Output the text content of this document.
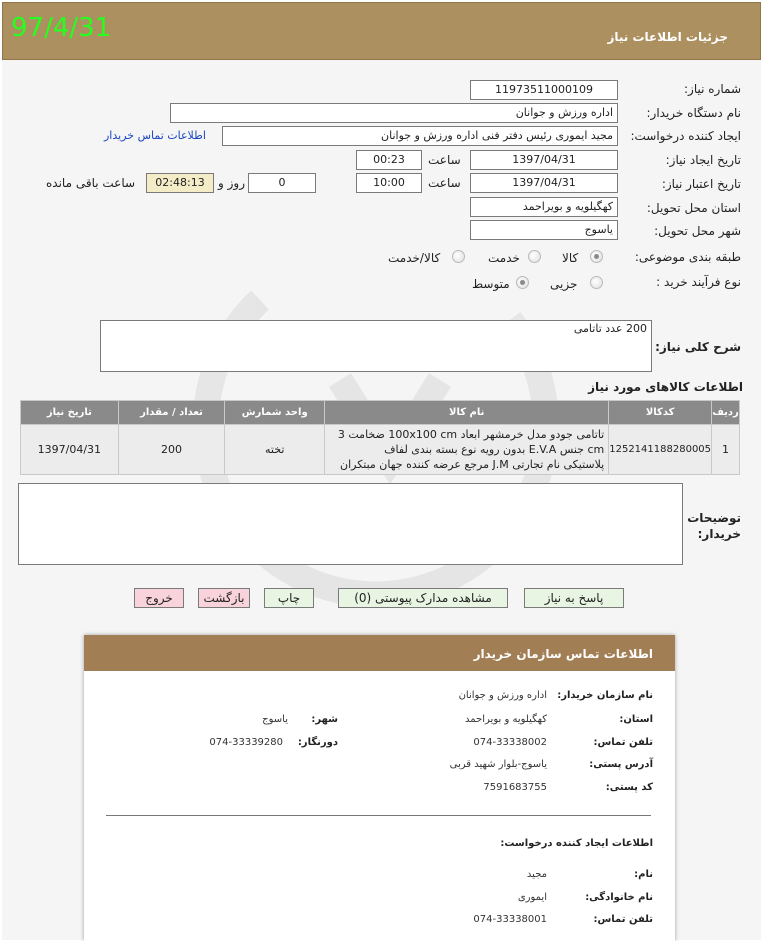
97/4/31	جزئیات اطلاعات نیاز
شماره نیاز:
11973511000109
نام دستگاه خریدار:
اداره ورزش و جوانان
ایجاد کننده درخواست:
مجید ایموری رئیس دفتر فنی اداره ورزش و جوانان
اطلاعات تماس خریدار
تاریخ ایجاد نیاز:
1397/04/31
ساعت
00:23
تاریخ اعتبار نیاز:
1397/04/31
ساعت
10:00
0
روز و
02:48:13
ساعت باقی مانده
استان محل تحویل:
کهگیلویه و بویراحمد
شهر محل تحویل:
یاسوج
طبقه بندی موضوعی:
کالا
خدمت
کالا/خدمت
نوع فرآیند خرید :
جزیی
متوسط
200 عدد تاتامی
شرح کلی نیاز:
اطلاعات کالاهای مورد نیاز
ردیف	کدکالا	نام کالا	واحد شمارش	تعداد / مقدار	تاریخ نیاز
1	1252141188280005	تاتامی جودو مدل خرمشهر ابعاد 100x100 cm ضخامت 3
cm جنس E.V.A بدون رویه نوع بسته بندی لفاف
پلاستیکی نام تجارتی J.M مرجع عرضه کننده جهان مبتکران	تخته	200	1397/04/31
توضیحات
خریدار:
پاسخ به نیاز
مشاهده مدارک پیوستی (0)
چاپ
بازگشت
خروج
اطلاعات تماس سازمان خریدار
نام سازمان خریدار:
اداره ورزش و جوانان
استان:
کهگیلویه و بویراحمد
شهر:
یاسوج
تلفن تماس:
074-33338002
دورنگار:
074-33339280
آدرس پستی:
یاسوج-بلوار شهید قربی
کد پستی:
7591683755
اطلاعات ایجاد کننده درخواست:
نام:
مجید
نام خانوادگی:
ایموری
تلفن تماس:
074-33338001
